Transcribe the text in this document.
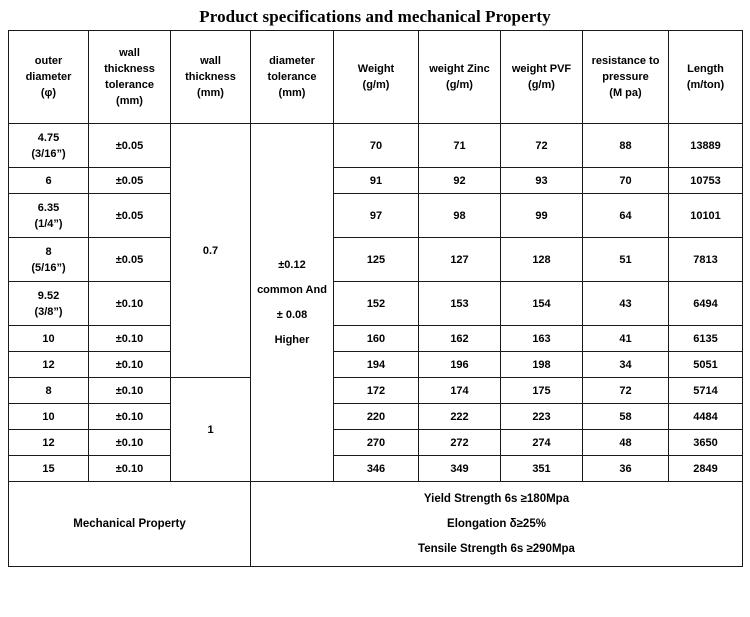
Product specifications and mechanical Property
outer
diameter
(φ)	wall
thickness
tolerance
(mm)	wall
thickness
(mm)	diameter
tolerance
(mm)	Weight
(g/m)	weight Zinc
(g/m)	weight PVF
(g/m)	resistance to
pressure
(M pa)	Length
(m/ton)

4.75
(3/16”)	±0.05	0.7	±0.12
common And
± 0.08
Higher	70	71	72	88	13889

6	±0.05			91	92	93	70	10753

6.35
(1/4”)	±0.05			97	98	99	64	10101

8
(5/16”)	±0.05			125	127	128	51	7813

9.52
(3/8”)	±0.10			152	153	154	43	6494

10	±0.10			160	162	163	41	6135

12	±0.10			194	196	198	34	5051

8	±0.10	1		172	174	175	72	5714

10	±0.10			220	222	223	58	4484

12	±0.10			270	272	274	48	3650

15	±0.10			346	349	351	36	2849
Mechanical Property			Yield Strength 6s ≥180Mpa
Elongation δ≥25%
Tensile Strength 6s ≥290Mpa					
